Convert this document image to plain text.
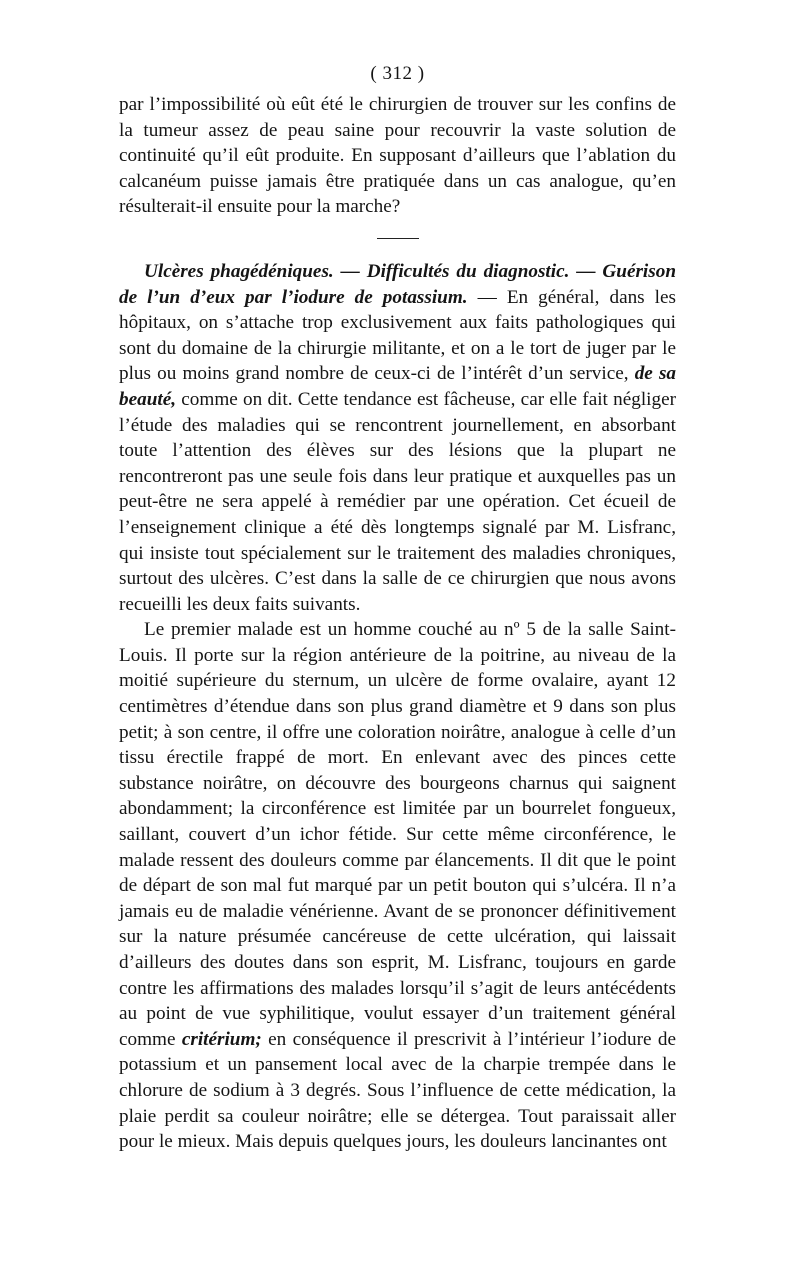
( 312 )

par l’impossibilité où eût été le chirurgien de trouver sur les confins de la tumeur assez de peau saine pour recouvrir la vaste solution de continuité qu’il eût produite. En supposant d’ailleurs que l’ablation du calcanéum puisse jamais être pratiquée dans un cas analogue, qu’en résulterait-il ensuite pour la marche?

Ulcères phagédéniques. — Difficultés du diagnostic. — Guérison de l’un d’eux par l’iodure de potassium. — En général, dans les hôpitaux, on s’attache trop exclusivement aux faits pathologiques qui sont du domaine de la chirurgie militante, et on a le tort de juger par le plus ou moins grand nombre de ceux-ci de l’intérêt d’un service, de sa beauté, comme on dit. Cette tendance est fâcheuse, car elle fait négliger l’étude des maladies qui se rencontrent journellement, en absorbant toute l’attention des élèves sur des lésions que la plupart ne rencontreront pas une seule fois dans leur pratique et auxquelles pas un peut-être ne sera appelé à remédier par une opération. Cet écueil de l’enseignement clinique a été dès longtemps signalé par M. Lisfranc, qui insiste tout spécialement sur le traitement des maladies chroniques, surtout des ulcères. C’est dans la salle de ce chirurgien que nous avons recueilli les deux faits suivants.

Le premier malade est un homme couché au nº 5 de la salle Saint-Louis. Il porte sur la région antérieure de la poitrine, au niveau de la moitié supérieure du sternum, un ulcère de forme ovalaire, ayant 12 centimètres d’étendue dans son plus grand diamètre et 9 dans son plus petit; à son centre, il offre une coloration noirâtre, analogue à celle d’un tissu érectile frappé de mort. En enlevant avec des pinces cette substance noirâtre, on découvre des bourgeons charnus qui saignent abondamment; la circonférence est limitée par un bourrelet fongueux, saillant, couvert d’un ichor fétide. Sur cette même circonférence, le malade ressent des douleurs comme par élancements. Il dit que le point de départ de son mal fut marqué par un petit bouton qui s’ulcéra. Il n’a jamais eu de maladie vénérienne. Avant de se prononcer définitivement sur la nature présumée cancéreuse de cette ulcération, qui laissait d’ailleurs des doutes dans son esprit, M. Lisfranc, toujours en garde contre les affirmations des malades lorsqu’il s’agit de leurs antécédents au point de vue syphilitique, voulut essayer d’un traitement général comme critérium; en conséquence il prescrivit à l’intérieur l’iodure de potassium et un pansement local avec de la charpie trempée dans le chlorure de sodium à 3 degrés. Sous l’influence de cette médication, la plaie perdit sa couleur noirâtre; elle se détergea. Tout paraissait aller pour le mieux. Mais depuis quelques jours, les douleurs lancinantes ont
